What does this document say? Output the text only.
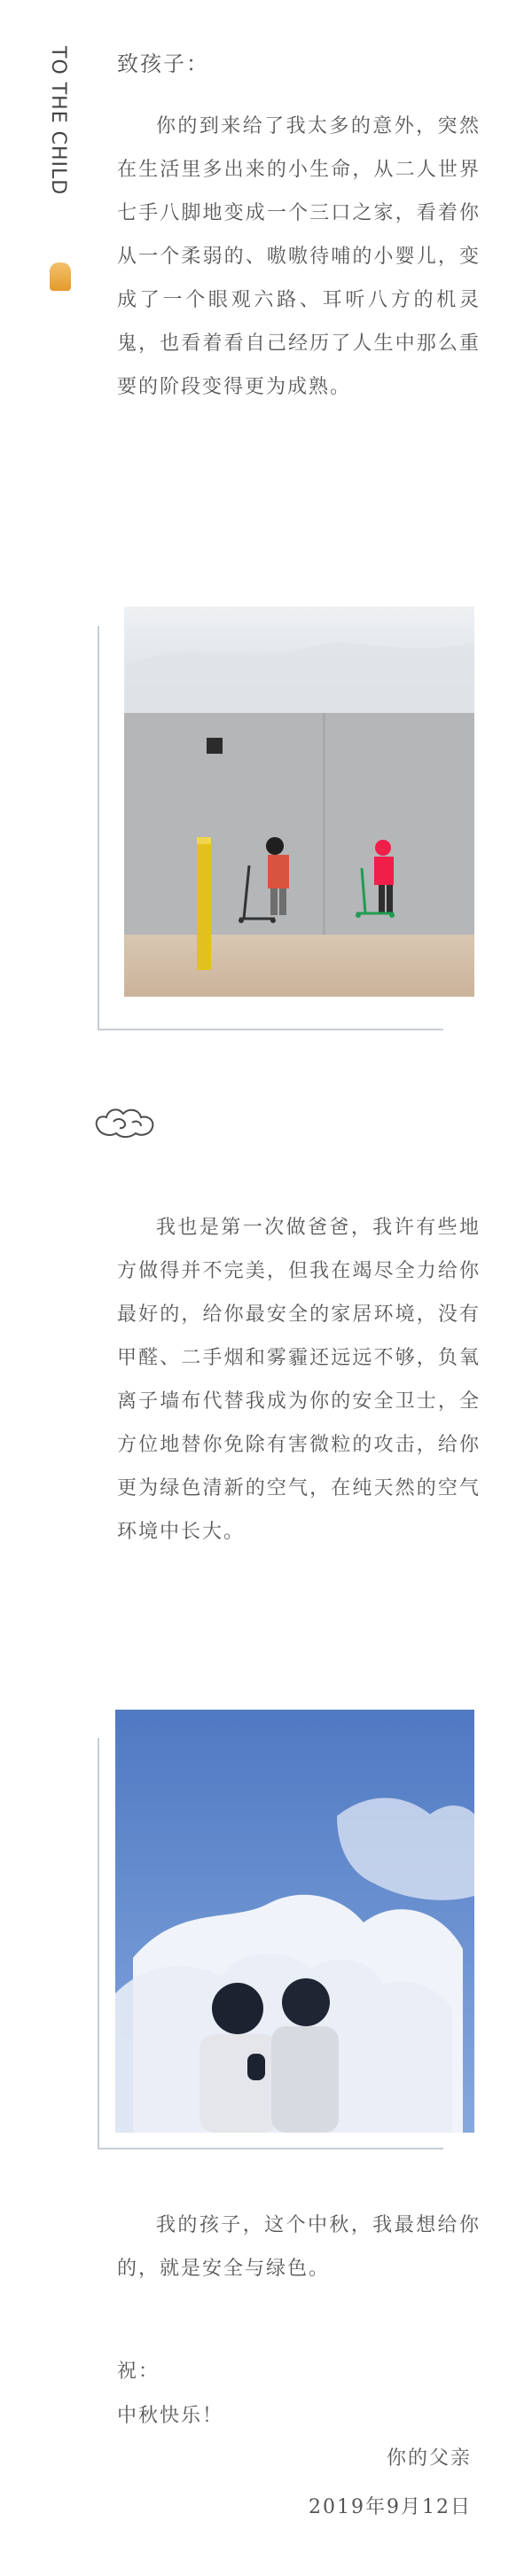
TO THE CHILD 致孩子：

你的到来给了我太多的意外，突然在生活里多出来的小生命，从二人世界七手八脚地变成一个三口之家，看着你从一个柔弱的、嗷嗷待哺的小婴儿，变成了一个眼观六路、耳听八方的机灵鬼，也看着看自己经历了人生中那么重要的阶段变得更为成熟。

我也是第一次做爸爸，我许有些地方做得并不完美，但我在竭尽全力给你最好的，给你最安全的家居环境，没有甲醛、二手烟和雾霾还远远不够，负氧离子墙布代替我成为你的安全卫士，全方位地替你免除有害微粒的攻击，给你更为绿色清新的空气，在纯天然的空气环境中长大。

我的孩子，这个中秋，我最想给你的，就是安全与绿色。

祝：
中秋快乐！
你的父亲
2019年9月12日
